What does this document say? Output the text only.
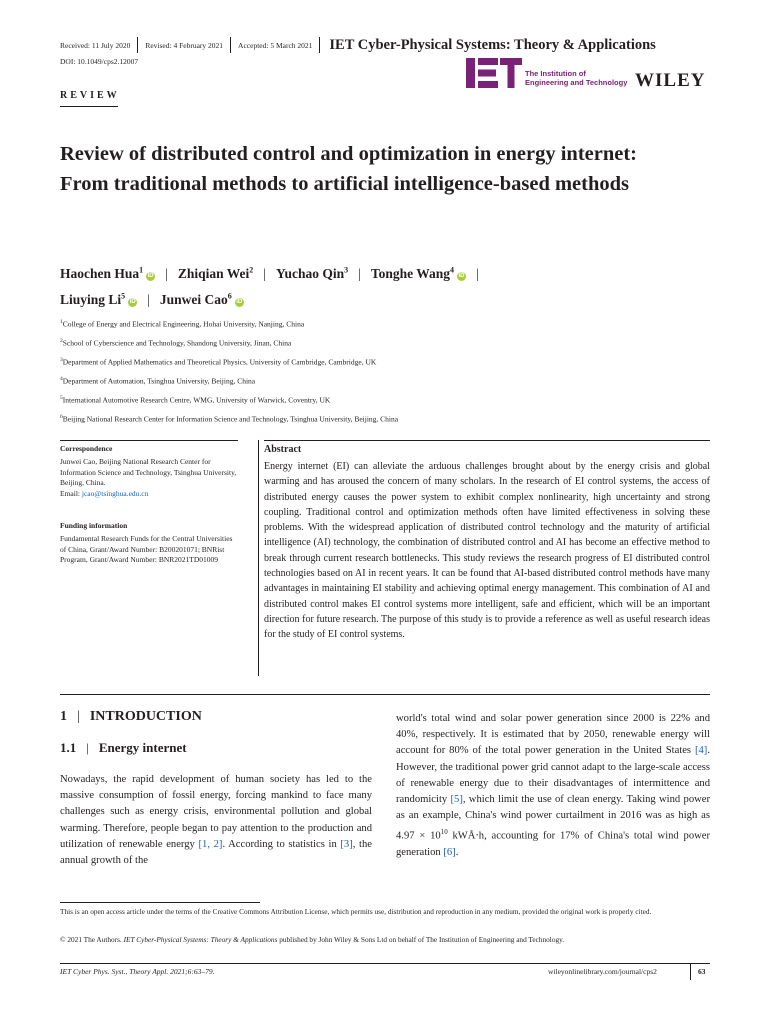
Received: 11 July 2020 Revised: 4 February 2021 Accepted: 5 March 2021 IET Cyber-Physical Systems: Theory & Applications
DOI: 10.1049/cps2.12007
REVIEW
The Institution of
Engineering and Technology WILEY
Review of distributed control and optimization in energy internet: From traditional methods to artificial intelligence-based methods
Haochen Hua$^1$iD | Zhiqian Wei$^2$ | Yuchao Qin$^3$ | Tonghe Wang$^4$iD |
Liuying Li$^5$iD | Junwei Cao$^6$iD
$^1$College of Energy and Electrical Engineering, Hohai University, Nanjing, China
$^2$School of Cyberscience and Technology, Shandong University, Jinan, China
$^3$Department of Applied Mathematics and Theoretical Physics, University of Cambridge, Cambridge, UK
$^4$Department of Automation, Tsinghua University, Beijing, China
$^5$International Automotive Research Centre, WMG, University of Warwick, Coventry, UK
$^6$Beijing National Research Center for Information Science and Technology, Tsinghua University, Beijing, China
Correspondence
Junwei Cao, Beijing National Research Center for Information Science and Technology, Tsinghua University, Beijing, China.
Email: jcao@tsinghua.edu.cn
Funding information
Fundamental Research Funds for the Central Universities of China, Grant/Award Number: B200201071; BNRist Program, Grant/Award Number: BNR2021TD01009
Abstract
Energy internet (EI) can alleviate the arduous challenges brought about by the energy crisis and global warming and has aroused the concern of many scholars. In the research of EI control systems, the access of distributed energy causes the power system to exhibit complex nonlinearity, high uncertainty and strong coupling. Traditional control and optimization methods often have limited effectiveness in solving these problems. With the widespread application of distributed control technology and the maturity of artificial intelligence (AI) technology, the combination of distributed control and AI has become an effective method to break through current research bottlenecks. This study reviews the research progress of EI distributed control technologies based on AI in recent years. It can be found that AI-based distributed control methods have many advantages in maintaining EI stability and achieving optimal energy management. This combination of AI and distributed control makes EI control systems more intelligent, safe and efficient, which will be an important direction for future research. The purpose of this study is to provide a reference as well as useful research ideas for the study of EI control systems.
1 | INTRODUCTION
1.1 | Energy internet
Nowadays, the rapid development of human society has led to the massive consumption of fossil energy, forcing mankind to face many challenges such as energy crisis, environmental pollution and global warming. Therefore, people began to pay attention to the production and utilization of renewable energy [1, 2]. According to statistics in [3], the annual growth of the
world's total wind and solar power generation since 2000 is 22% and 40%, respectively. It is estimated that by 2050, renewable energy will account for 80% of the total power generation in the United States [4]. However, the traditional power grid cannot adapt to the large-scale access of renewable energy due to their disadvantages of intermittence and randomicity [5], which limit the use of clean energy. Taking wind power as an example, China's wind power curtailment in 2016 was as high as $4.97 \times 10^{10}$ kWÅ‧h, accounting for 17% of China's total wind power generation [6].
This is an open access article under the terms of the Creative Commons Attribution License, which permits use, distribution and reproduction in any medium, provided the original work is properly cited.
© 2021 The Authors. IET Cyber-Physical Systems: Theory & Applications published by John Wiley & Sons Ltd on behalf of The Institution of Engineering and Technology.
IET Cyber Phys. Syst., Theory Appl. 2021;6:63–79.	wileyonlinelibrary.com/journal/cps2	63
